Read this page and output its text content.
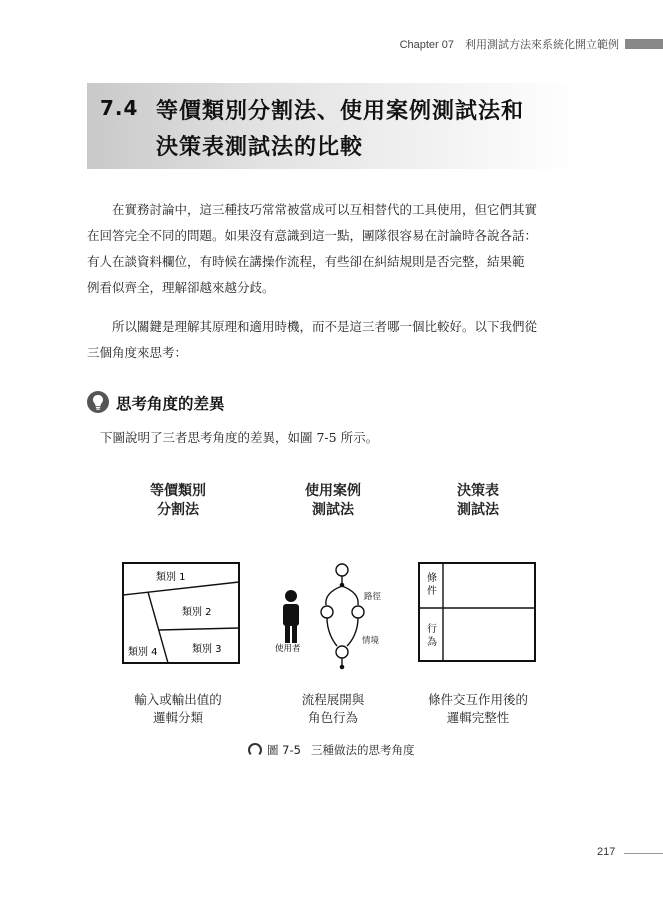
Chapter 07　利用測試方法來系統化開立範例
7.4 等價類別分割法、使用案例測試法和
決策表測試法的比較

在實務討論中，這三種技巧常常被當成可以互相替代的工具使用，但它們其實

在回答完全不同的問題。如果沒有意識到這一點，團隊很容易在討論時各說各話：
有人在談資料欄位，有時候在講操作流程，有些卻在糾結規則是否完整，結果範
例看似齊全，理解卻越來越分歧。

所以關鍵是理解其原理和適用時機，而不是這三者哪一個比較好。以下我們從

三個角度來思考：
思考角度的差異
下圖說明了三者思考角度的差異，如圖 7-5 所示。
等價類別
分割法
使用案例
測試法
決策表
測試法
類別 1
類別 2
類別 4	類別 3	使用者
路徑
情境
條 件
行 為
輸入或輸出值的
邏輯分類
流程展開與
角色行為
條件交互作用後的
邏輯完整性
圖 7-5 三種做法的思考角度
217
